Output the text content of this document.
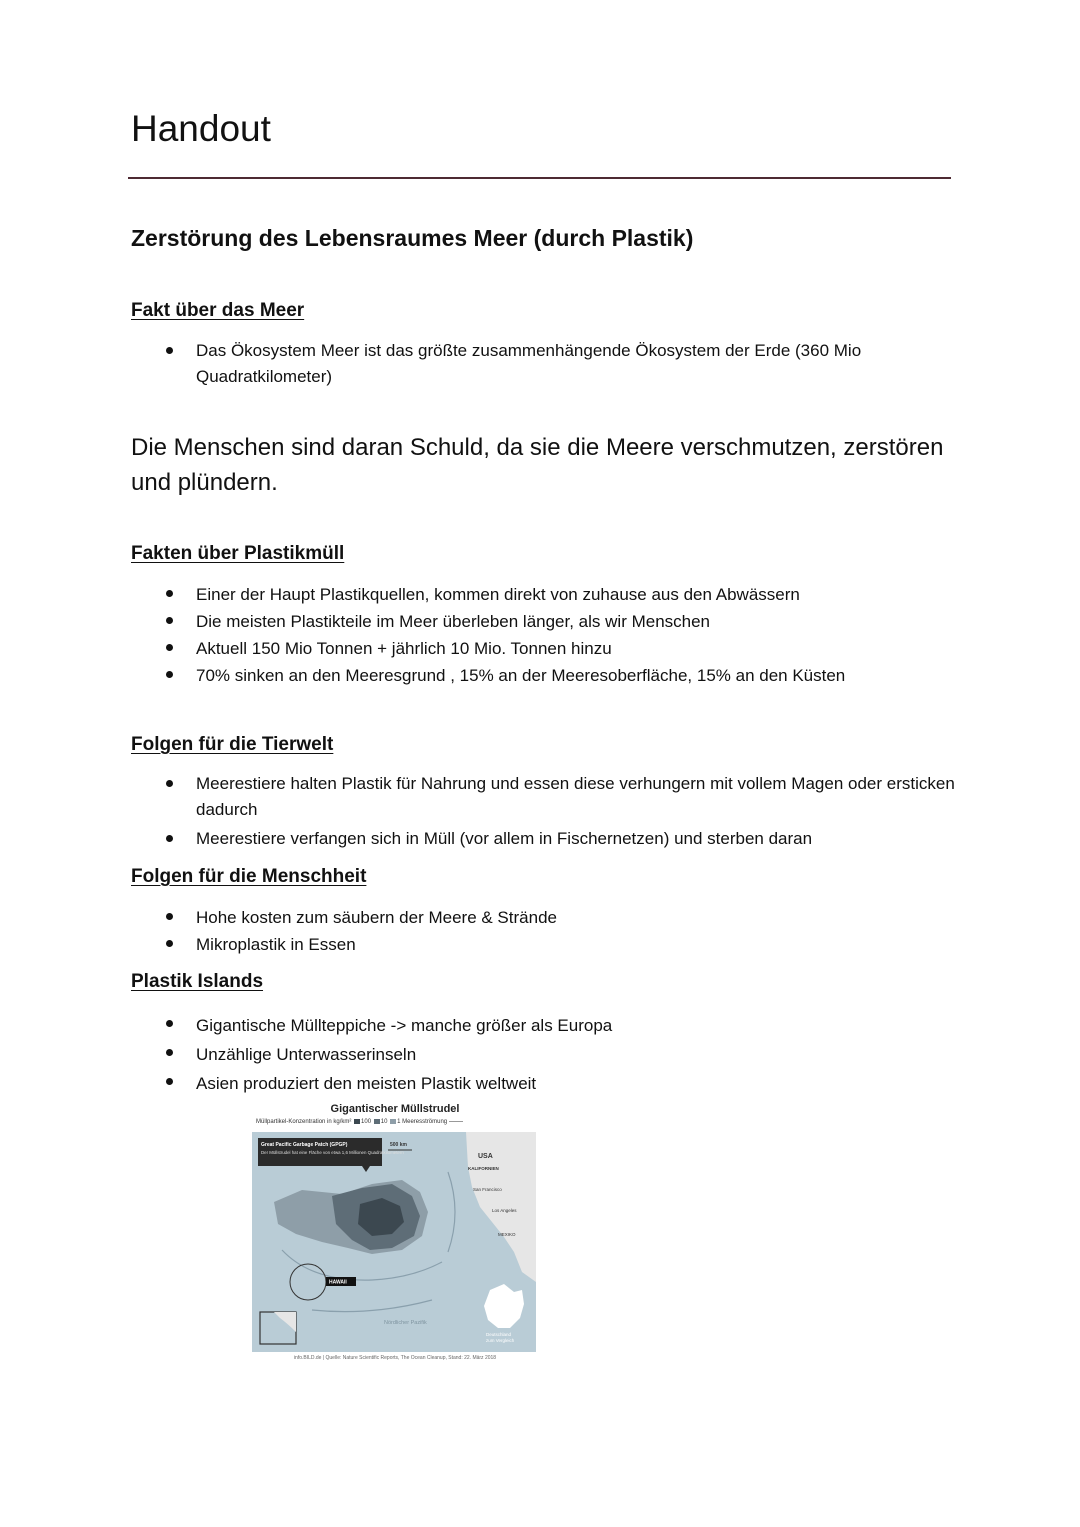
Handout
Zerstörung des Lebensraumes Meer (durch Plastik)
Fakt über das Meer
Das Ökosystem Meer ist das größte zusammenhängende Ökosystem der Erde (360 Mio Quadratkilometer)

Die Menschen sind daran Schuld, da sie die Meere verschmutzen, zerstören und plündern.

Fakten über Plastikmüll
Einer der Haupt Plastikquellen, kommen direkt von zuhause aus den Abwässern
Die meisten Plastikteile im Meer überleben länger, als wir Menschen
Aktuell 150 Mio Tonnen + jährlich 10 Mio. Tonnen hinzu
70% sinken an den Meeresgrund , 15% an der Meeresoberfläche, 15% an den Küsten
Folgen für die Tierwelt
Meerestiere halten Plastik für Nahrung und essen diese verhungern mit vollem Magen oder ersticken dadurch
Meerestiere verfangen sich in Müll (vor allem in Fischernetzen) und sterben daran
Folgen für die Menschheit
Hohe kosten zum säubern der Meere & Strände
Mikroplastik in Essen
Plastik Islands
Gigantische Müllteppiche -> manche größer als Europa
Unzählige Unterwasserinseln
Asien produziert den meisten Plastik weltweit
Gigantischer Müllstrudel
Müllpartikel-Konzentration in kg/km² 100 10 1 Meeresströmung
Great Pacific Garbage Patch (GPGP)
Der Müllstrudel hat eine Fläche von etwa 1,6 Millionen Quadratkilometern
500 km
USA
KALIFORNIEN
San Francisco
Los Angeles
MEXIKO
HAWAII
Nördlicher Pazifik
Deutschland
zum Vergleich
info.BILD.de | Quelle: Nature Scientific Reports, The Ocean Cleanup, Stand: 22. März 2018
